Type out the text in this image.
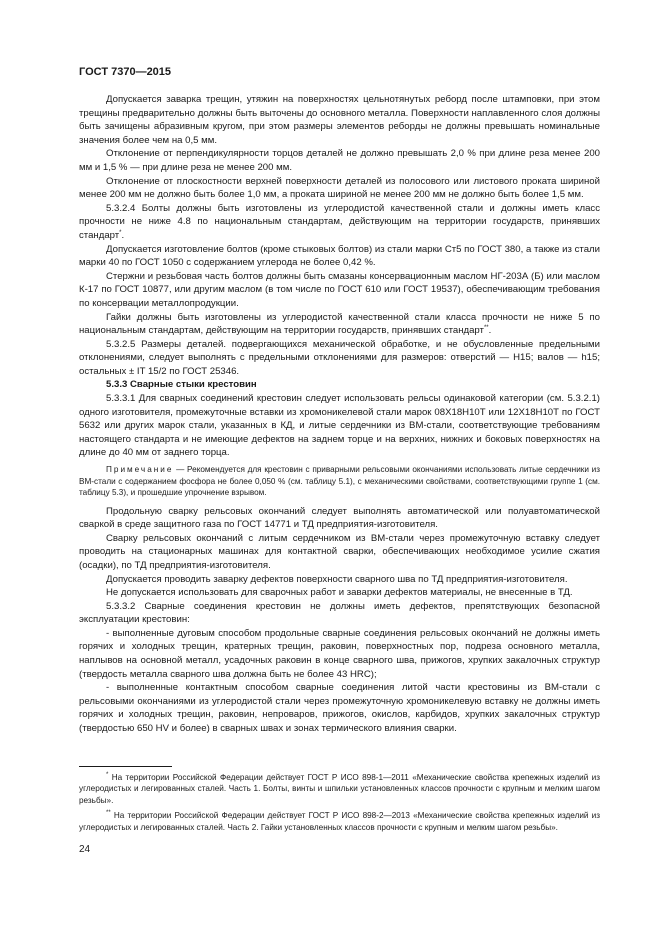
ГОСТ 7370—2015

Допускается заварка трещин, утяжин на поверхностях цельнотянутых реборд после штамповки, при этом трещины предварительно должны быть выточены до основного металла. Поверхности наплавленного слоя должны быть зачищены абразивным кругом, при этом размеры элементов реборды не должны превышать номинальные значения более чем на 0,5 мм.

Отклонение от перпендикулярности торцов деталей не должно превышать 2,0 % при длине реза менее 200 мм и 1,5 % — при длине реза не менее 200 мм.

Отклонение от плоскостности верхней поверхности деталей из полосового или листового проката шириной менее 200 мм не должно быть более 1,0 мм, а проката шириной не менее 200 мм не должно быть более 1,5 мм.

5.3.2.4 Болты должны быть изготовлены из углеродистой качественной стали и должны иметь класс прочности не ниже 4.8 по национальным стандартам, действующим на территории государств, принявших стандарт*.

Допускается изготовление болтов (кроме стыковых болтов) из стали марки Ст5 по ГОСТ 380, а также из стали марки 40 по ГОСТ 1050 с содержанием углерода не более 0,42 %.

Стержни и резьбовая часть болтов должны быть смазаны консервационным маслом НГ-203А (Б) или маслом К-17 по ГОСТ 10877, или другим маслом (в том числе по ГОСТ 610 или ГОСТ 19537), обеспечивающим требования по консервации металлопродукции.

Гайки должны быть изготовлены из углеродистой качественной стали класса прочности не ниже 5 по национальным стандартам, действующим на территории государств, принявших стандарт**.

5.3.2.5 Размеры деталей. подвергающихся механической обработке, и не обусловленные предельными отклонениями, следует выполнять с предельными отклонениями для размеров: отверстий — H15; валов — h15; остальных ± IT 15/2 по ГОСТ 25346.

5.3.3 Сварные стыки крестовин

5.3.3.1 Для сварных соединений крестовин следует использовать рельсы одинаковой категории (см. 5.3.2.1) одного изготовителя, промежуточные вставки из хромоникелевой стали марок 08Х18Н10Т или 12Х18Н10Т по ГОСТ 5632 или других марок стали, указанных в КД, и литые сердечники из ВМ-стали, соответствующие требованиям настоящего стандарта и не имеющие дефектов на заднем торце и на верхних, нижних и боковых поверхностях на длине до 40 мм от заднего торца.

Примечание — Рекомендуется для крестовин с приварными рельсовыми окончаниями использовать литые сердечники из ВМ-стали с содержанием фосфора не более 0,050 % (см. таблицу 5.1), с механическими свойствами, соответствующими группе 1 (см. таблицу 5.3), и прошедшие упрочнение взрывом.

Продольную сварку рельсовых окончаний следует выполнять автоматической или полуавтоматической сваркой в среде защитного газа по ГОСТ 14771 и ТД предприятия-изготовителя.

Сварку рельсовых окончаний с литым сердечником из ВМ-стали через промежуточную вставку следует проводить на стационарных машинах для контактной сварки, обеспечивающих необходимое усилие сжатия (осадки), по ТД предприятия-изготовителя.

Допускается проводить заварку дефектов поверхности сварного шва по ТД предприятия-изготовителя.

Не допускается использовать для сварочных работ и заварки дефектов материалы, не внесенные в ТД.

5.3.3.2 Сварные соединения крестовин не должны иметь дефектов, препятствующих безопасной эксплуатации крестовин:

- выполненные дуговым способом продольные сварные соединения рельсовых окончаний не должны иметь горячих и холодных трещин, кратерных трещин, раковин, поверхностных пор, подреза основного металла, наплывов на основной металл, усадочных раковин в конце сварного шва, прижогов, хрупких закалочных структур (твердость металла сварного шва должна быть не более 43 HRC);

- выполненные контактным способом сварные соединения литой части крестовины из ВМ-стали с рельсовыми окончаниями из углеродистой стали через промежуточную хромоникелевую вставку не должны иметь горячих и холодных трещин, раковин, непроваров, прижогов, окислов, карбидов, хрупких закалочных структур (твердостью 650 HV и более) в сварных швах и зонах термического влияния сварки.

* На территории Российской Федерации действует ГОСТ Р ИСО 898-1—2011 «Механические свойства крепежных изделий из углеродистых и легированных сталей. Часть 1. Болты, винты и шпильки установленных классов прочности с крупным и мелким шагом резьбы».

** На территории Российской Федерации действует ГОСТ Р ИСО 898-2—2013 «Механические свойства крепежных изделий из углеродистых и легированных сталей. Часть 2. Гайки установленных классов прочности с крупным и мелким шагом резьбы».

24
